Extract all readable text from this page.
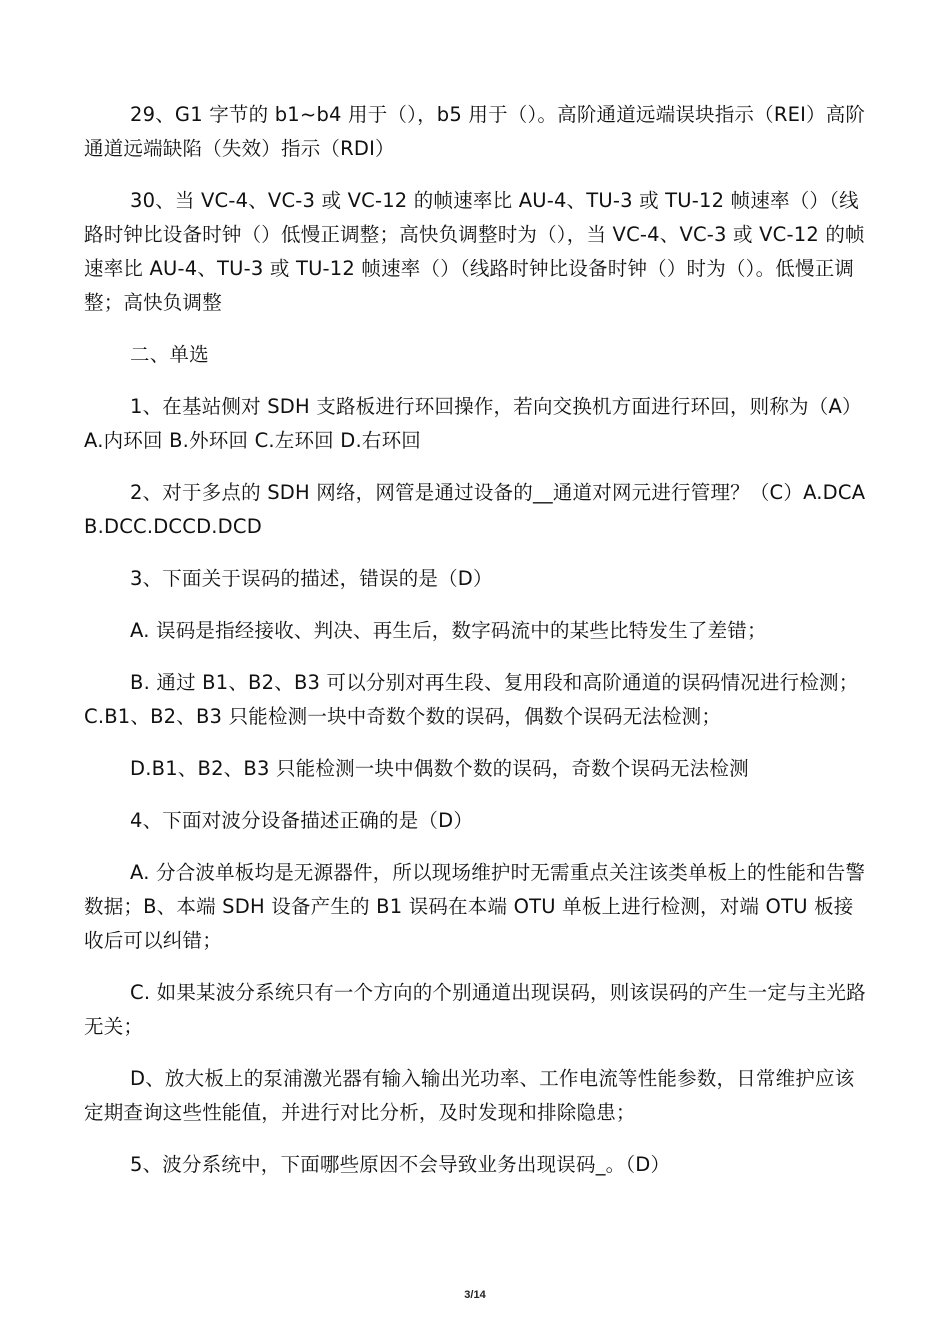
29、G1 字节的 b1~b4 用于（），b5 用于（）。高阶通道远端误块指示（REI）高阶通道远端缺陷（失效）指示（RDI）

30、当 VC-4、VC-3 或 VC-12 的帧速率比 AU-4、TU-3 或 TU-12 帧速率（）（线路时钟比设备时钟（）低慢正调整；高快负调整时为（），当 VC-4、VC-3 或 VC-12 的帧速率比 AU-4、TU-3 或 TU-12 帧速率（）（线路时钟比设备时钟（）时为（）。低慢正调整；高快负调整

二、单选

1、在基站侧对 SDH 支路板进行环回操作，若向交换机方面进行环回，则称为（A）A.内环回 B.外环回 C.左环回 D.右环回

2、对于多点的 SDH 网络，网管是通过设备的__通道对网元进行管理？（C）A.DCAB.DCC.DCCD.DCD

3、下面关于误码的描述，错误的是（D）

A. 误码是指经接收、判决、再生后，数字码流中的某些比特发生了差错；

B. 通过 B1、B2、B3 可以分别对再生段、复用段和高阶通道的误码情况进行检测；C.B1、B2、B3 只能检测一块中奇数个数的误码，偶数个误码无法检测；

D.B1、B2、B3 只能检测一块中偶数个数的误码，奇数个误码无法检测

4、下面对波分设备描述正确的是（D）

A. 分合波单板均是无源器件，所以现场维护时无需重点关注该类单板上的性能和告警数据；B、本端 SDH 设备产生的 B1 误码在本端 OTU 单板上进行检测，对端 OTU 板接收后可以纠错；

C. 如果某波分系统只有一个方向的个别通道出现误码，则该误码的产生一定与主光路无关；

D、放大板上的泵浦激光器有输入输出光功率、工作电流等性能参数，日常维护应该定期查询这些性能值，并进行对比分析，及时发现和排除隐患；

5、波分系统中，下面哪些原因不会导致业务出现误码_。（D）

3/14
